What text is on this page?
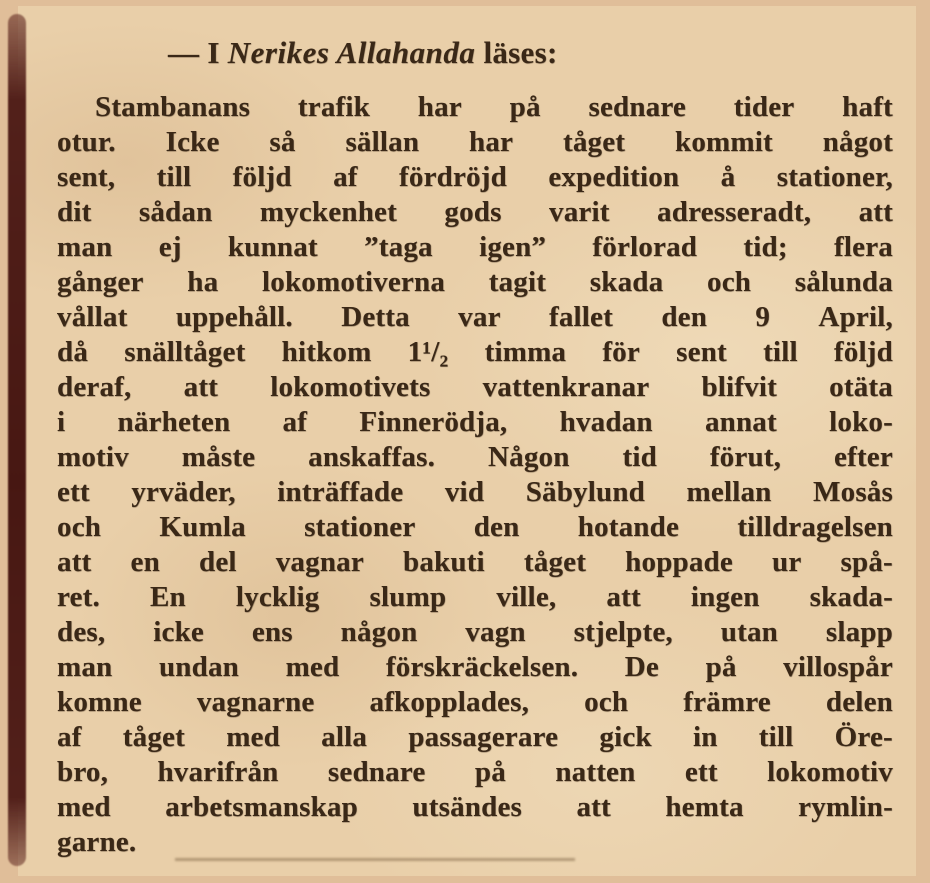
— I Nerikes Allahanda läses:
Stambanans trafik har på sednare tider haft
otur. Icke så sällan har tåget kommit något
sent, till följd af fördröjd expedition å stationer,
dit sådan myckenhet gods varit adresseradt, att
man ej kunnat ”taga igen” förlorad tid; flera
gånger ha lokomotiverna tagit skada och sålunda
vållat uppehåll. Detta var fallet den 9 April,
då snälltåget hitkom 1¹/₂ timma för sent till följd
deraf, att lokomotivets vattenkranar blifvit otäta
i närheten af Finnerödja, hvadan annat loko-
motiv måste anskaffas. Någon tid förut, efter
ett yrväder, inträffade vid Säbylund mellan Mosås
och Kumla stationer den hotande tilldragelsen
att en del vagnar bakuti tåget hoppade ur spå-
ret. En lycklig slump ville, att ingen skada-
des, icke ens någon vagn stjelpte, utan slapp
man undan med förskräckelsen. De på villospår
komne vagnarne afkopplades, och främre delen
af tåget med alla passagerare gick in till Öre-
bro, hvarifrån sednare på natten ett lokomotiv
med arbetsmanskap utsändes att hemta rymlin-
garne.
